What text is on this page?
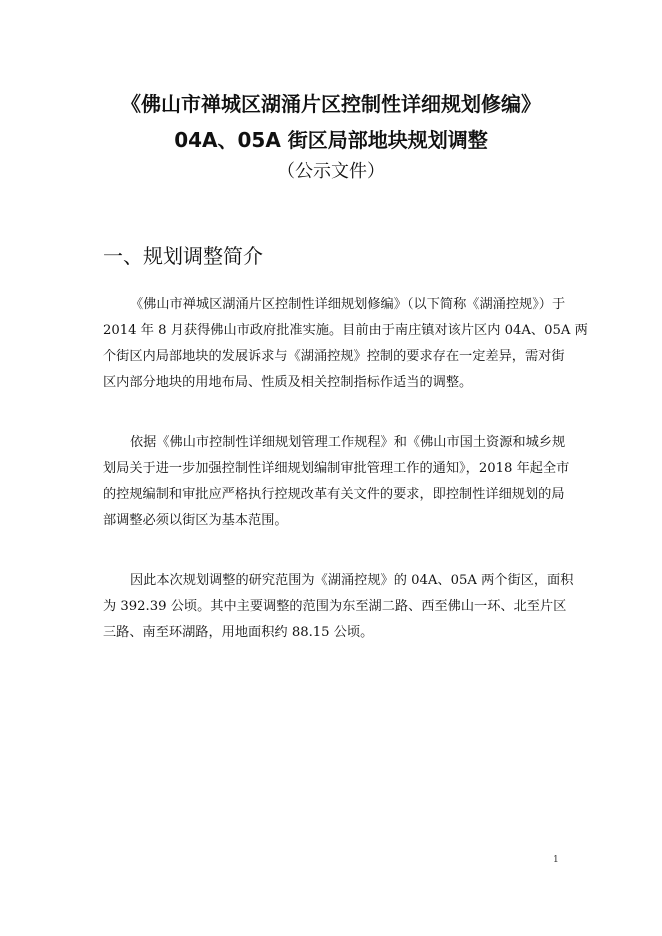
《佛山市禅城区湖涌片区控制性详细规划修编》
04A、05A 街区局部地块规划调整
（公示文件）
一、规划调整简介
《佛山市禅城区湖涌片区控制性详细规划修编》（以下简称《湖涌控规》）于
2014 年 8 月获得佛山市政府批准实施。目前由于南庄镇对该片区内 04A、05A 两
个街区内局部地块的发展诉求与《湖涌控规》控制的要求存在一定差异，需对街
区内部分地块的用地布局、性质及相关控制指标作适当的调整。
依据《佛山市控制性详细规划管理工作规程》和《佛山市国土资源和城乡规
划局关于进一步加强控制性详细规划编制审批管理工作的通知》，2018 年起全市
的控规编制和审批应严格执行控规改革有关文件的要求，即控制性详细规划的局
部调整必须以街区为基本范围。
因此本次规划调整的研究范围为《湖涌控规》的 04A、05A 两个街区，面积
为 392.39 公顷。其中主要调整的范围为东至湖二路、西至佛山一环、北至片区
三路、南至环湖路，用地面积约 88.15 公顷。
1
